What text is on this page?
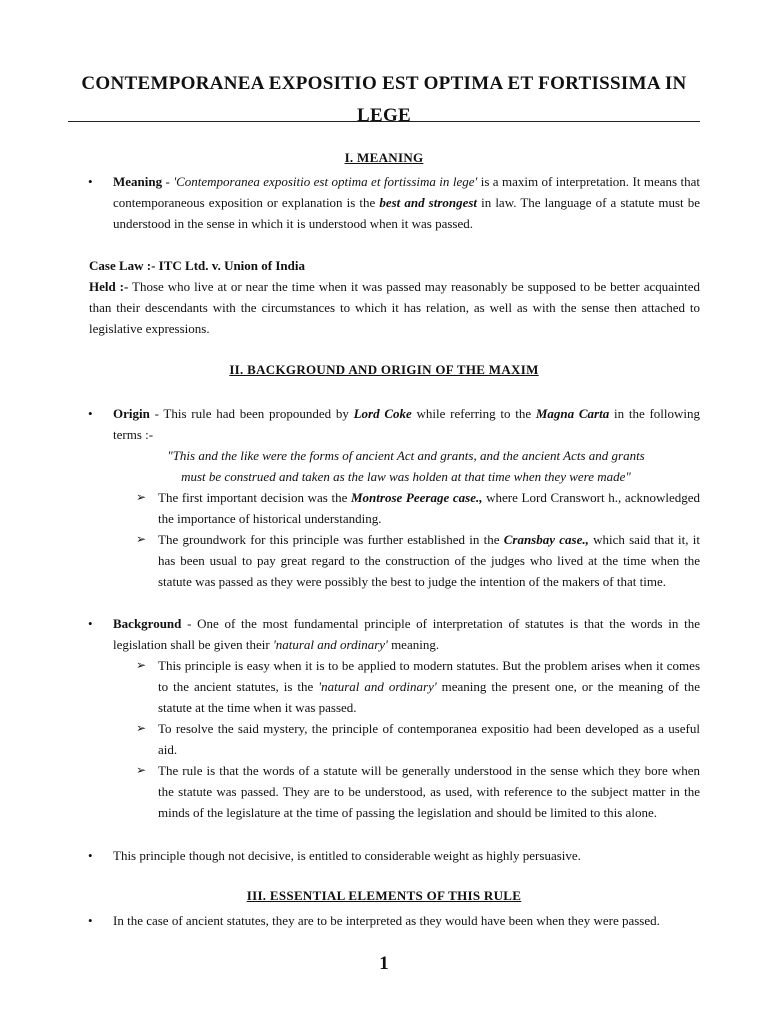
CONTEMPORANEA EXPOSITIO EST OPTIMA ET FORTISSIMA IN LEGE
I. MEANING
• Meaning - 'Contemporanea expositio est optima et fortissima in lege' is a maxim of interpretation. It means that contemporaneous exposition or explanation is the best and strongest in law. The language of a statute must be understood in the sense in which it is understood when it was passed.
Case Law :- ITC Ltd. v. Union of India
Held :- Those who live at or near the time when it was passed may reasonably be supposed to be better acquainted than their descendants with the circumstances to which it has relation, as well as with the sense then attached to legislative expressions.
II. BACKGROUND AND ORIGIN OF THE MAXIM
• Origin - This rule had been propounded by Lord Coke while referring to the Magna Carta in the following terms :-
"This and the like were the forms of ancient Act and grants, and the ancient Acts and grants
must be construed and taken as the law was holden at that time when they were made"
➢ The first important decision was the Montrose Peerage case., where Lord Cranswort h., acknowledged the importance of historical understanding.
➢ The groundwork for this principle was further established in the Cransbay case., which said that it, it has been usual to pay great regard to the construction of the judges who lived at the time when the statute was passed as they were possibly the best to judge the intention of the makers of that time.
• Background - One of the most fundamental principle of interpretation of statutes is that the words in the legislation shall be given their 'natural and ordinary' meaning.
➢ This principle is easy when it is to be applied to modern statutes. But the problem arises when it comes to the ancient statutes, is the 'natural and ordinary' meaning the present one, or the meaning of the statute at the time when it was passed.
➢ To resolve the said mystery, the principle of contemporanea expositio had been developed as a useful aid.
➢ The rule is that the words of a statute will be generally understood in the sense which they bore when the statute was passed. They are to be understood, as used, with reference to the subject matter in the minds of the legislature at the time of passing the legislation and should be limited to this alone.
• This principle though not decisive, is entitled to considerable weight as highly persuasive.
III. ESSENTIAL ELEMENTS OF THIS RULE
• In the case of ancient statutes, they are to be interpreted as they would have been when they were passed.
1
